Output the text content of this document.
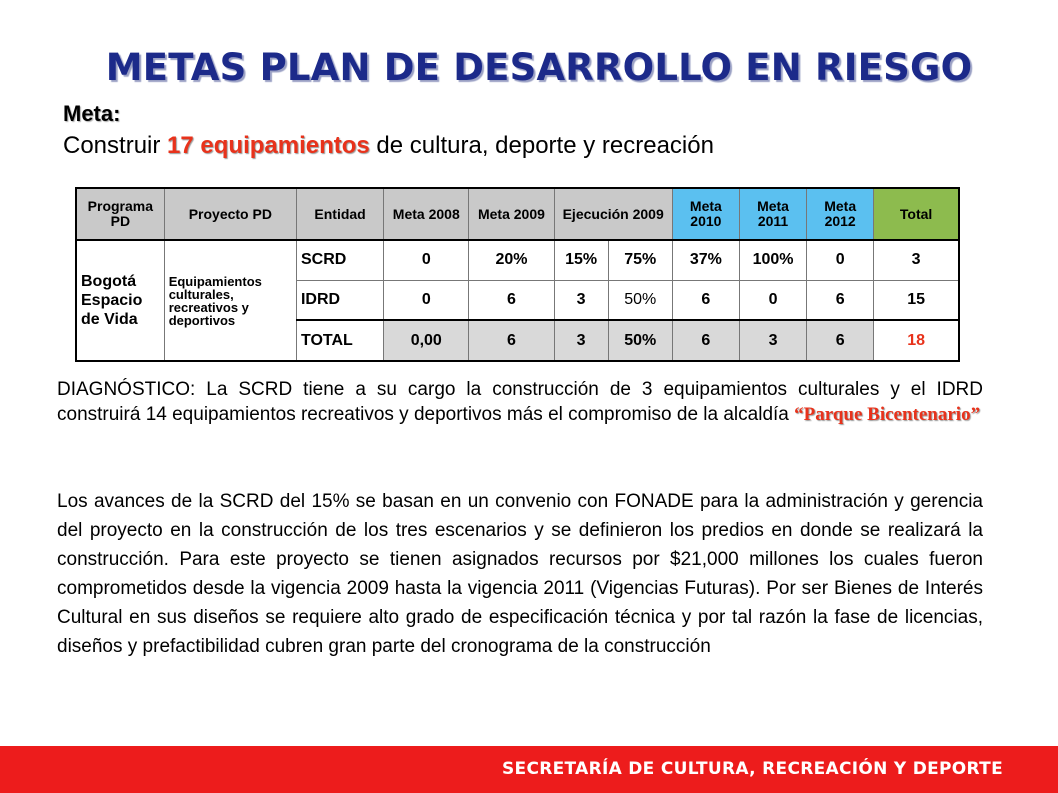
METAS PLAN DE DESARROLLO EN RIESGO
Meta:
Construir 17 equipamientos de cultura, deporte y recreación
Programa PD	Proyecto PD	Entidad	Meta 2008	Meta 2009	Ejecución 2009		Meta 2010	Meta 2011	Meta 2012	Total
Bogotá Espacio de Vida	Equipamientos culturales, recreativos y deportivos	SCRD	0	20%	15%	75%	37%	100%	0	3
		IDRD	0	6	3	50%	6	0	6	15
		TOTAL	0,00	6	3	50%	6	3	6	18
DIAGNÓSTICO: La SCRD tiene a su cargo la construcción de 3 equipamientos culturales y el IDRD construirá 14 equipamientos recreativos y deportivos más el compromiso de la alcaldía “Parque Bicentenario”
Los avances de la SCRD del 15% se basan en un convenio con FONADE para la administración y gerencia del proyecto en la construcción de los tres escenarios y se definieron los predios en donde se realizará la construcción. Para este proyecto se tienen asignados recursos por $21,000 millones los cuales fueron comprometidos desde la vigencia 2009 hasta la vigencia 2011 (Vigencias Futuras). Por ser Bienes de Interés Cultural en sus diseños se requiere alto grado de especificación técnica y por tal razón la fase de licencias, diseños y prefactibilidad cubren gran parte del cronograma de la construcción
SECRETARÍA DE CULTURA, RECREACIÓN Y DEPORTE
